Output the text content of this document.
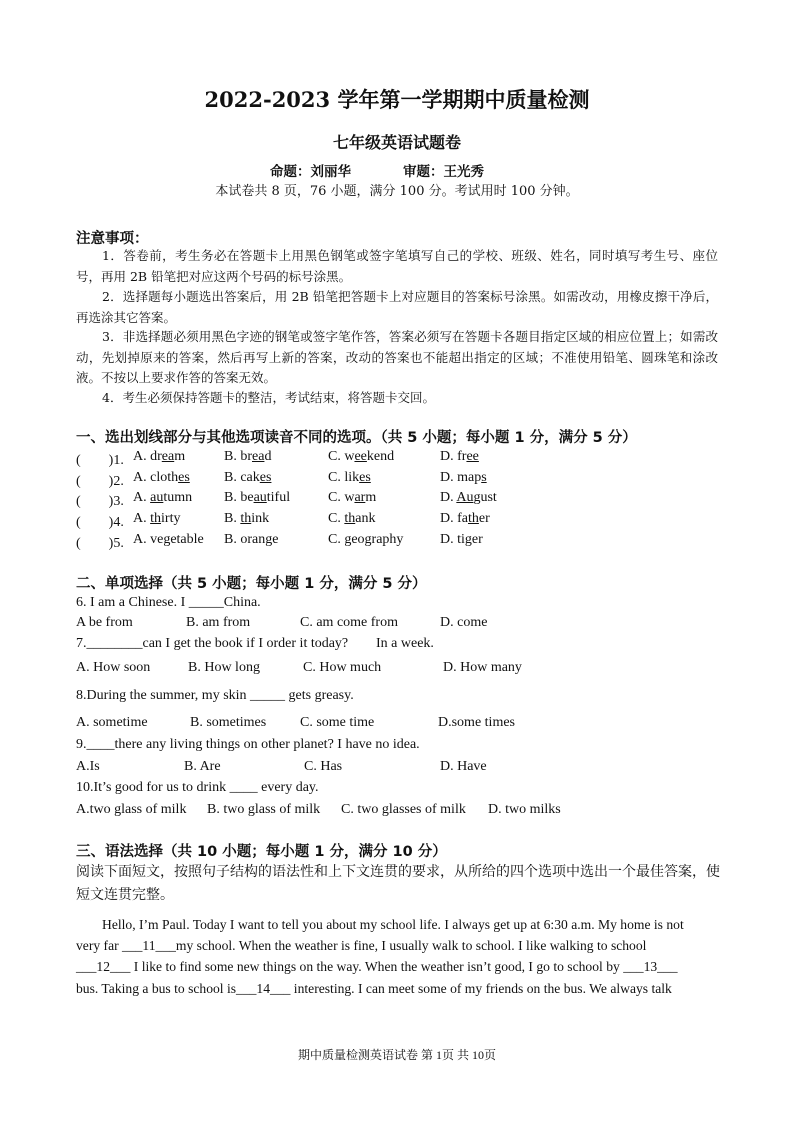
2022-2023 学年第一学期期中质量检测
七年级英语试题卷
命题：刘丽华	审题：王光秀
本试卷共 8 页，76 小题，满分 100 分。考试用时 100 分钟。
注意事项：
1．答卷前，考生务必在答题卡上用黑色钢笔或签字笔填写自己的学校、班级、姓名，同时填写考生号、座位号，再用 2B 铅笔把对应这两个号码的标号涂黑。
2．选择题每小题选出答案后，用 2B 铅笔把答题卡上对应题目的答案标号涂黑。如需改动，用橡皮擦干净后，再选涂其它答案。
3．非选择题必须用黑色字迹的钢笔或签字笔作答，答案必须写在答题卡各题目指定区域的相应位置上；如需改动，先划掉原来的答案，然后再写上新的答案，改动的答案也不能超出指定的区域；不准使用铅笔、圆珠笔和涂改液。不按以上要求作答的答案无效。
4．考生必须保持答题卡的整洁，考试结束，将答题卡交回。
一、选出划线部分与其他选项读音不同的选项。（共 5 小题；每小题 1 分，满分 5 分）
(　　)1. A. dream	B. bread	C. weekend	D. free
(　　)2. A. clothes B. cakes	C. likes	D. maps
(　　)3. A. autumn B. beautiful	C. warm	D. August
(　　)4. A. thirty	B. think	C. thank	D. father
(　　)5. A. vegetable B. orange	C. geography	D. tiger
二、单项选择（共 5 小题；每小题 1 分，满分 5 分）
6. I am a Chinese. I _____China.
A be from	B. am from	C. am come from	D. come
7.________can I get the book if I order it today? In a week.
A. How soon	B. How long	C. How much	D. How many
8.During the summer, my skin _____ gets greasy.
A. sometime	B. sometimes C. some time	D.some times
9.____there any living things on other planet? I have no idea.
A.Is	B. Are	C. Has	D. Have
10.It’s good for us to drink ____ every day.
A.two glass of milk B. two glass of milk C. two glasses of milk D. two milks
三、语法选择（共 10 小题；每小题 1 分，满分 10 分）
阅读下面短文，按照句子结构的语法性和上下文连贯的要求，从所给的四个选项中选出一个最佳答案，使
短文连贯完整。
Hello, I’m Paul. Today I want to tell you about my school life. I always get up at 6:30 a.m. My home is not
very far ___11___my school. When the weather is fine, I usually walk to school. I like walking to school
___12___ I like to find some new things on the way. When the weather isn’t good, I go to school by ___13___
bus. Taking a bus to school is___14___ interesting. I can meet some of my friends on the bus. We always talk
期中质量检测英语试卷 第 1页 共 10页
